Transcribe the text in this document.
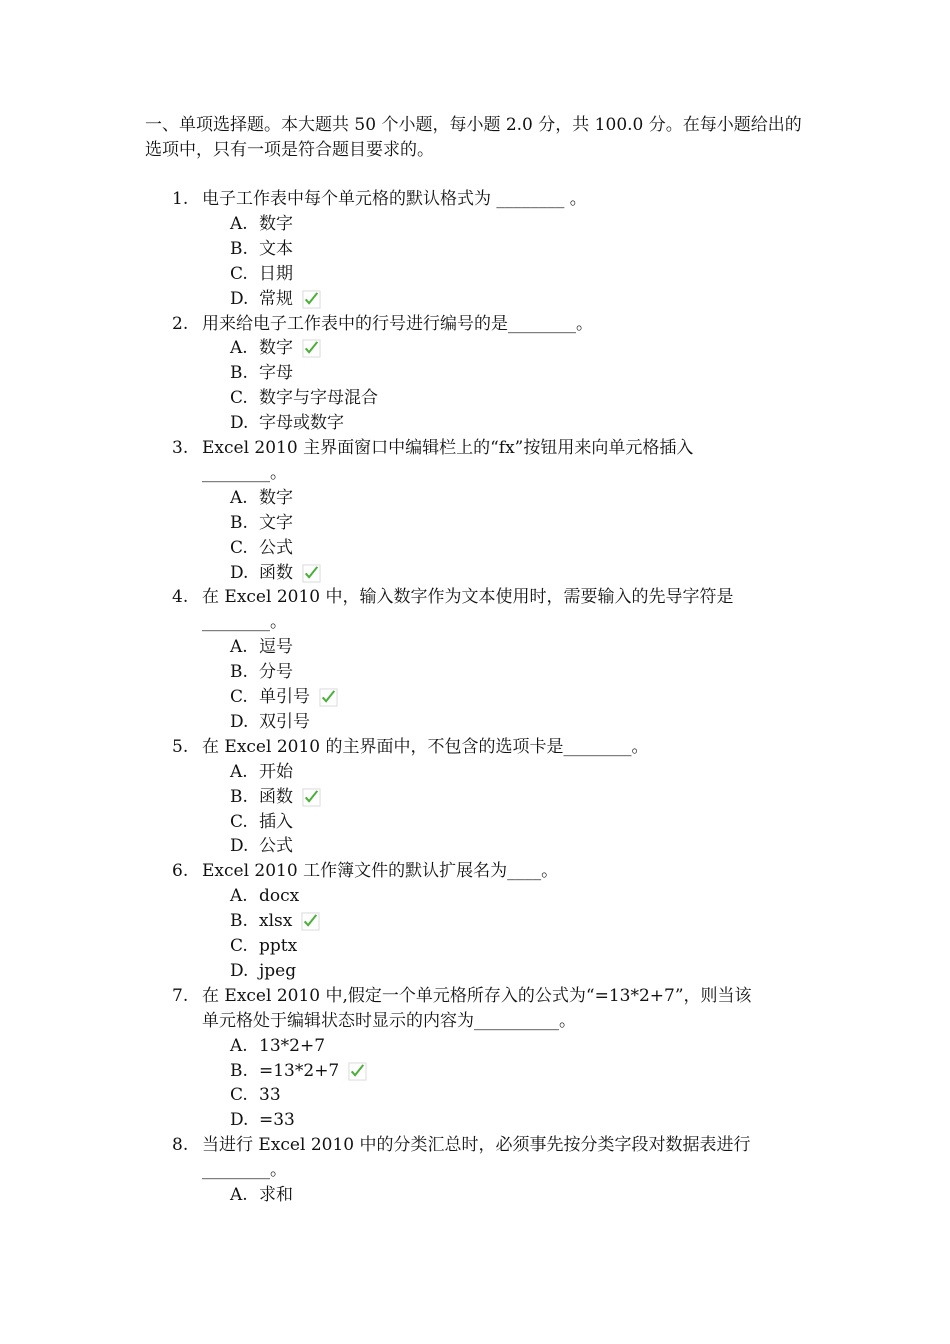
一、单项选择题。本大题共 50 个小题，每小题 2.0 分，共 100.0 分。在每小题给出的选项中，只有一项是符合题目要求的。
1. 电子工作表中每个单元格的默认格式为 ________ 。
A. 数字
B. 文本
C. 日期
D. 常规
2. 用来给电子工作表中的行号进行编号的是________。
A. 数字
B. 字母
C. 数字与字母混合
D. 字母或数字
3. Excel 2010 主界面窗口中编辑栏上的“fx”按钮用来向单元格插入
________。
A. 数字
B. 文字
C. 公式
D. 函数
4. 在 Excel 2010 中，输入数字作为文本使用时，需要输入的先导字符是
________。
A. 逗号
B. 分号
C. 单引号
D. 双引号
5. 在 Excel 2010 的主界面中，不包含的选项卡是________。
A. 开始
B. 函数
C. 插入
D. 公式
6. Excel 2010 工作簿文件的默认扩展名为____。
A. docx
B. xlsx
C. pptx
D. jpeg
7. 在 Excel 2010 中,假定一个单元格所存入的公式为“=13*2+7”，则当该
单元格处于编辑状态时显示的内容为__________。
A. 13*2+7
B. =13*2+7
C. 33
D. =33
8. 当进行 Excel 2010 中的分类汇总时，必须事先按分类字段对数据表进行
________。
A. 求和
